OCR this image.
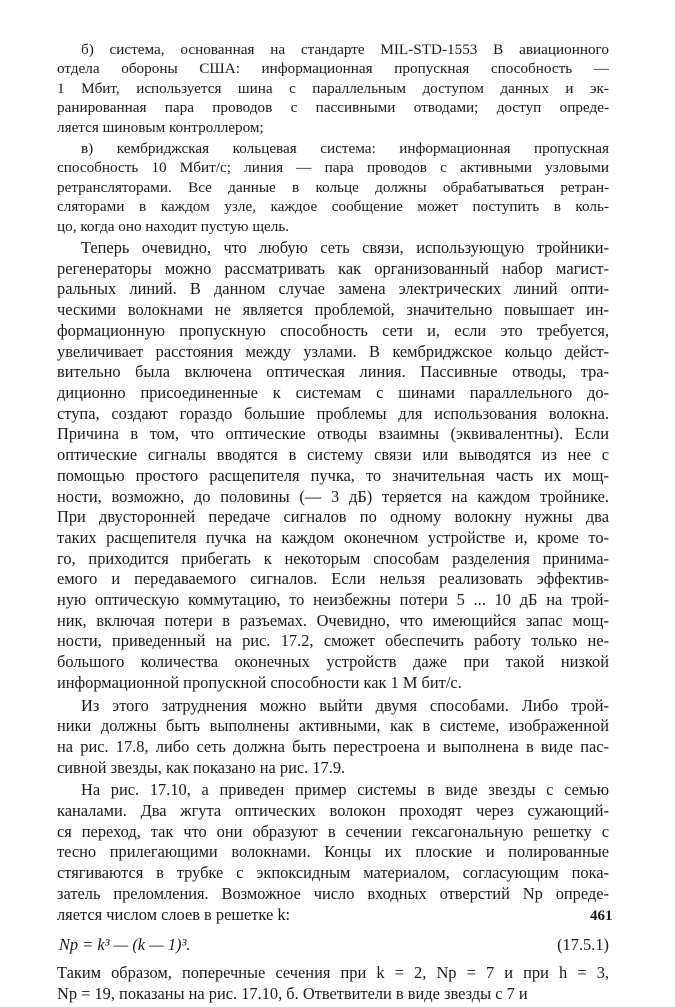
б) система, основанная на стандарте MIL-STD-1553 В авиационного
отдела обороны США: информационная пропускная способность —
1 Мбит, используется шина с параллельным доступом данных и эк-
ранированная пара проводов с пассивными отводами; доступ опреде-
ляется шиновым контроллером;
в) кембриджская кольцевая система: информационная пропускная
способность 10 Мбит/с; линия — пара проводов с активными узловыми
ретрансляторами. Все данные в кольце должны обрабатываться ретран-
сляторами в каждом узле, каждое сообщение может поступить в коль-
цо, когда оно находит пустую щель.
Теперь очевидно, что любую сеть связи, использующую тройники-
регенераторы можно рассматривать как организованный набор магист-
ральных линий. В данном случае замена электрических линий опти-
ческими волокнами не является проблемой, значительно повышает ин-
формационную пропускную способность сети и, если это требуется,
увеличивает расстояния между узлами. В кембриджское кольцо дейст-
вительно была включена оптическая линия. Пассивные отводы, тра-
диционно присоединенные к системам с шинами параллельного до-
ступа, создают гораздо большие проблемы для использования волокна.
Причина в том, что оптические отводы взаимны (эквивалентны). Если
оптические сигналы вводятся в систему связи или выводятся из нее с
помощью простого расщепителя пучка, то значительная часть их мощ-
ности, возможно, до половины (— 3 дБ) теряется на каждом тройнике.
При двусторонней передаче сигналов по одному волокну нужны два
таких расщепителя пучка на каждом оконечном устройстве и, кроме то-
го, приходится прибегать к некоторым способам разделения принима-
емого и передаваемого сигналов. Если нельзя реализовать эффектив-
ную оптическую коммутацию, то неизбежны потери 5 ... 10 дБ на трой-
ник, включая потери в разъемах. Очевидно, что имеющийся запас мощ-
ности, приведенный на рис. 17.2, сможет обеспечить работу только не-
большого количества оконечных устройств даже при такой низкой
информационной пропускной способности как 1 М бит/с.
Из этого затруднения можно выйти двумя способами. Либо трой-
ники должны быть выполнены активными, как в системе, изображенной
на рис. 17.8, либо сеть должна быть перестроена и выполнена в виде пас-
сивной звезды, как показано на рис. 17.9.
На рис. 17.10, а приведен пример системы в виде звезды с семью
каналами. Два жгута оптических волокон проходят через сужающий-
ся переход, так что они образуют в сечении гексагональную решетку с
тесно прилегающими волокнами. Концы их плоские и полированные
стягиваются в трубке с экпоксидным материалом, согласующим пока-
затель преломления. Возможное число входных отверстий Np опреде-
ляется числом слоев в решетке k:
Np = k³ — (k — 1)³.	(17.5.1)
Таким образом, поперечные сечения при k = 2, Np = 7 и при h = 3,
Np = 19, показаны на рис. 17.10, б. Ответвители в виде звезды с 7 и
461
